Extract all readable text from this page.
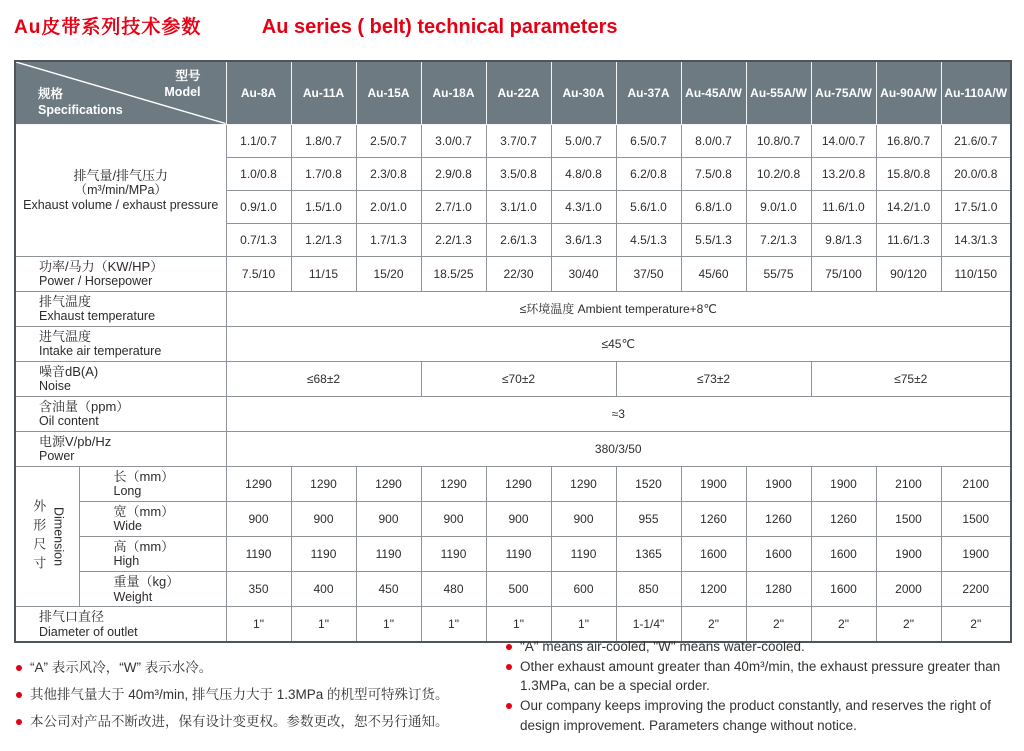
Au皮带系列技术参数	Au series ( belt) technical parameters
型号
Model
规格
Specifications		Au-8A	Au-11A	Au-15A	Au-18A	Au-22A	Au-30A	Au-37A	Au-45A/W	Au-55A/W	Au-75A/W	Au-90A/W	Au-110A/W

排气量/排气压力
（m³/min/MPa）
Exhaust volume / exhaust pressure		1.1/0.7	1.8/0.7	2.5/0.7	3.0/0.7	3.7/0.7	5.0/0.7	6.5/0.7	8.0/0.7	10.8/0.7	14.0/0.7	16.8/0.7	21.6/0.7
		1.0/0.8	1.7/0.8	2.3/0.8	2.9/0.8	3.5/0.8	4.8/0.8	6.2/0.8	7.5/0.8	10.2/0.8	13.2/0.8	15.8/0.8	20.0/0.8
		0.9/1.0	1.5/1.0	2.0/1.0	2.7/1.0	3.1/1.0	4.3/1.0	5.6/1.0	6.8/1.0	9.0/1.0	11.6/1.0	14.2/1.0	17.5/1.0
		0.7/1.3	1.2/1.3	1.7/1.3	2.2/1.3	2.6/1.3	3.6/1.3	4.5/1.3	5.5/1.3	7.2/1.3	9.8/1.3	11.6/1.3	14.3/1.3

功率/马力（KW/HP）
Power / Horsepower		7.5/10	11/15	15/20	18.5/25	22/30	30/40	37/50	45/60	55/75	75/100	90/120	110/150

排气温度
Exhaust temperature		≤环境温度 Ambient temperature+8℃											

进气温度
Intake air temperature		≤45℃											

噪音dB(A)
Noise		≤68±2			≤70±2			≤73±2			≤75±2		

含油量（ppm）
Oil content		≈3											

电源V/pb/Hz
Power		380/3/50											

外形尺寸 Dimension

长（mm）
Long
	1290	1290	1290	1290	1290	1290	1520	1900	1900	1900	2100	2100

	宽（mm）
Wide	900	900	900	900	900	900	955	1260	1260	1260	1500	1500

	高（mm）
High	1190	1190	1190	1190	1190	1190	1365	1600	1600	1600	1900	1900

	重量（kg）
Weight	350	400	450	480	500	600	850	1200	1280	1600	2000	2200

排气口直径
Diameter of outlet		1"	1"	1"	1"	1"	1"	1-1/4"	2"	2"	2"	2"	2"
“A” 表示风冷，“W” 表示水冷。
其他排气量大于 40m³/min, 排气压力大于 1.3MPa 的机型可特殊订货。
本公司对产品不断改进，保有设计变更权。参数更改，恕不另行通知。
"A" means air-cooled, "W" means water-cooled.
Other exhaust amount greater than 40m³/min, the exhaust pressure greater than 1.3MPa, can be a special order.
Our company keeps improving the product constantly, and reserves the right of design improvement. Parameters change without notice.
